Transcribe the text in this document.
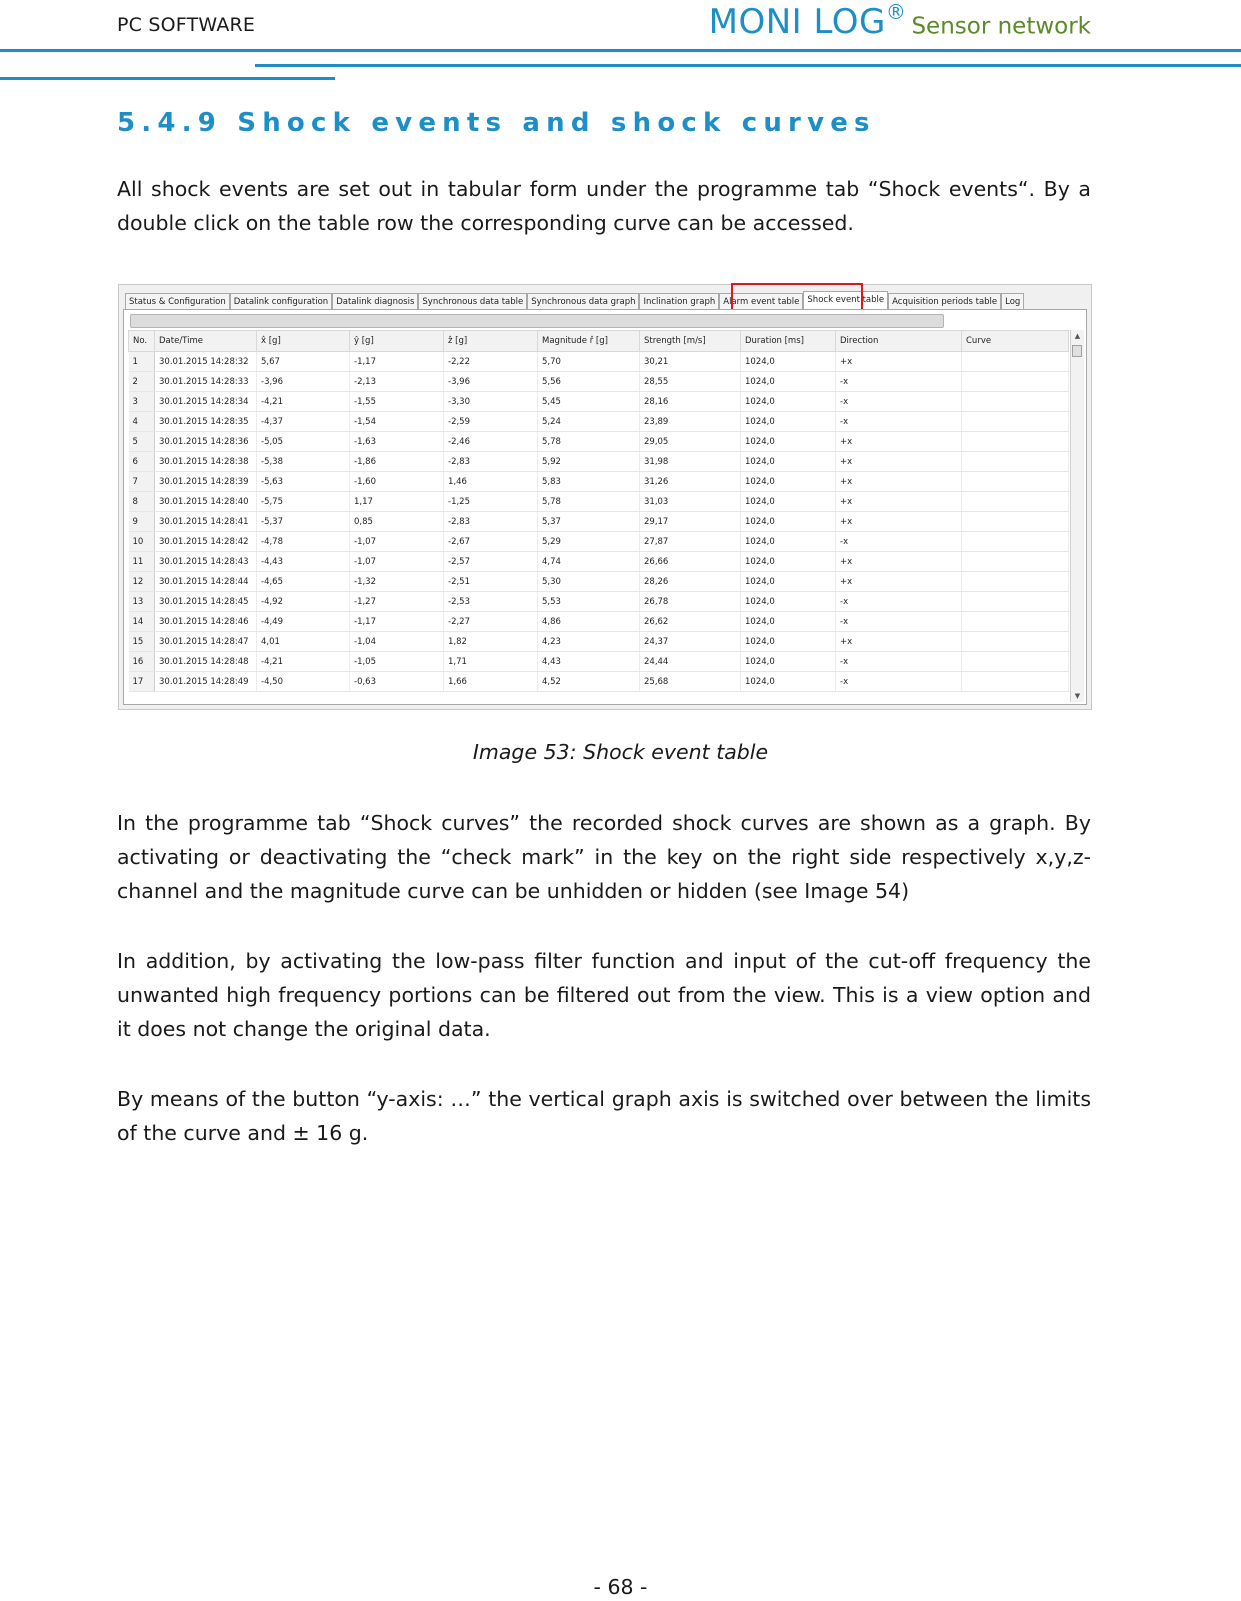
PC SOFTWARE	MONI LOG® Sensor network
5.4.9 Shock events and shock curves
All shock events are set out in tabular form under the programme tab “Shock events“. By a double click on the table row the corresponding curve can be accessed.
Status & Configuration Datalink configuration Datalink diagnosis Synchronous data table Synchronous data graph Inclination graph Alarm event table Shock event table Acquisition periods table Log
No.	Date/Time	x̂ [g]	ŷ [g]	ẑ [g]	Magnitude r̂ [g]	Strength [m/s]	Duration [ms]	Direction	Curve
1	30.01.2015 14:28:32	5,67	-1,17	-2,22	5,70	30,21	1024,0	+x	
2	30.01.2015 14:28:33	-3,96	-2,13	-3,96	5,56	28,55	1024,0	-x	
3	30.01.2015 14:28:34	-4,21	-1,55	-3,30	5,45	28,16	1024,0	-x	
4	30.01.2015 14:28:35	-4,37	-1,54	-2,59	5,24	23,89	1024,0	-x	
5	30.01.2015 14:28:36	-5,05	-1,63	-2,46	5,78	29,05	1024,0	+x	
6	30.01.2015 14:28:38	-5,38	-1,86	-2,83	5,92	31,98	1024,0	+x	
7	30.01.2015 14:28:39	-5,63	-1,60	1,46	5,83	31,26	1024,0	+x	
8	30.01.2015 14:28:40	-5,75	1,17	-1,25	5,78	31,03	1024,0	+x	
9	30.01.2015 14:28:41	-5,37	0,85	-2,83	5,37	29,17	1024,0	+x	
10	30.01.2015 14:28:42	-4,78	-1,07	-2,67	5,29	27,87	1024,0	-x	
11	30.01.2015 14:28:43	-4,43	-1,07	-2,57	4,74	26,66	1024,0	+x	
12	30.01.2015 14:28:44	-4,65	-1,32	-2,51	5,30	28,26	1024,0	+x	
13	30.01.2015 14:28:45	-4,92	-1,27	-2,53	5,53	26,78	1024,0	-x	
14	30.01.2015 14:28:46	-4,49	-1,17	-2,27	4,86	26,62	1024,0	-x	
15	30.01.2015 14:28:47	4,01	-1,04	1,82	4,23	24,37	1024,0	+x	
16	30.01.2015 14:28:48	-4,21	-1,05	1,71	4,43	24,44	1024,0	-x	
17	30.01.2015 14:28:49	-4,50	-0,63	1,66	4,52	25,68	1024,0	-x	
▲
▼
Image 53: Shock event table
In the programme tab “Shock curves” the recorded shock curves are shown as a graph. By activating or deactivating the “check mark” in the key on the right side respectively x,y,z-channel and the magnitude curve can be unhidden or hidden (see Image 54)
In addition, by activating the low-pass filter function and input of the cut-off frequency the unwanted high frequency portions can be filtered out from the view. This is a view option and it does not change the original data.
By means of the button “y-axis: …” the vertical graph axis is switched over between the limits of the curve and ± 16 g.
- 68 -
